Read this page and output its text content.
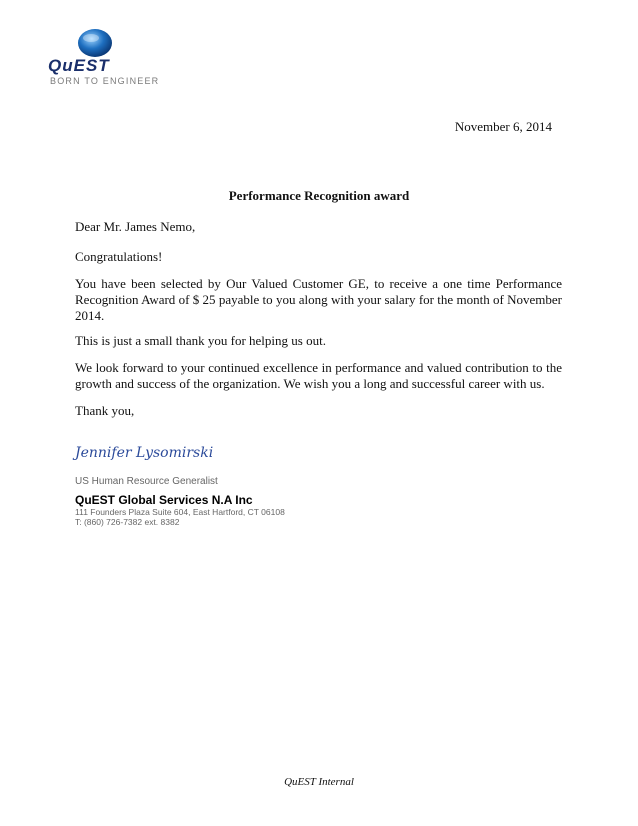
QuEST
BORN TO ENGINEER
November 6, 2014
Performance Recognition award

Dear Mr. James Nemo,

Congratulations!

You have been selected by Our Valued Customer GE, to receive a one time Performance Recognition Award of $ 25 payable to you along with your salary for the month of November 2014.

This is just a small thank you for helping us out.

We look forward to your continued excellence in performance and valued contribution to the growth and success of the organization. We wish you a long and successful career with us.

Thank you,

Jennifer Lysomirski
US Human Resource Generalist
QuEST Global Services N.A Inc
111 Founders Plaza Suite 604, East Hartford, CT 06108
T: (860) 726-7382 ext. 8382
QuEST Internal
